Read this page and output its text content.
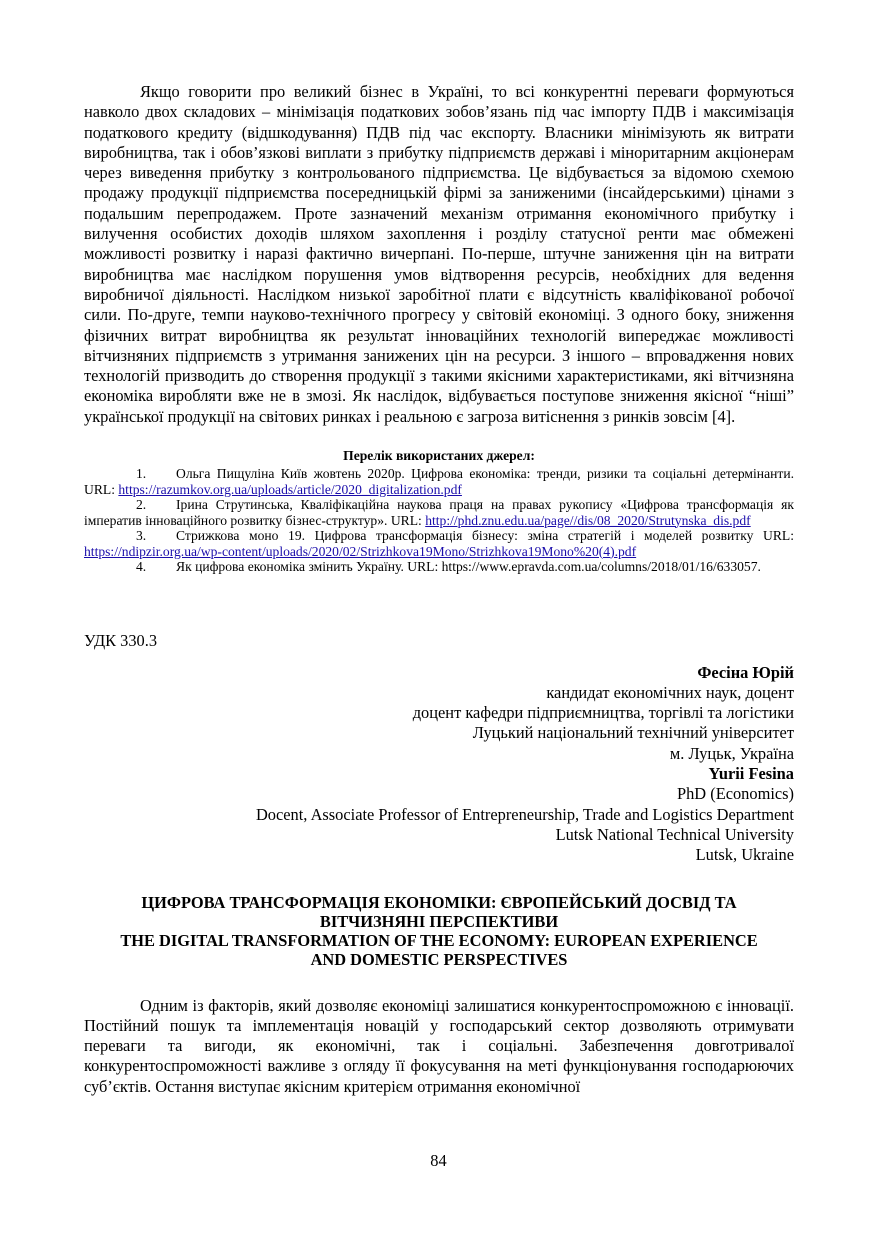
Якщо говорити про великий бізнес в Україні, то всі конкурентні переваги формуються навколо двох складових – мінімізація податкових зобов’язань під час імпорту ПДВ і максимізація податкового кредиту (відшкодування) ПДВ під час експорту. Власники мінімізують як витрати виробництва, так і обов’язкові виплати з прибутку підприємств державі і міноритарним акціонерам через виведення прибутку з контрольованого підприємства. Це відбувається за відомою схемою продажу продукції підприємства посередницькій фірмі за заниженими (інсайдерськими) цінами з подальшим перепродажем. Проте зазначений механізм отримання економічного прибутку і вилучення особистих доходів шляхом захоплення і розділу статусної ренти має обмежені можливості розвитку і наразі фактично вичерпані. По-перше, штучне заниження цін на витрати виробництва має наслідком порушення умов відтворення ресурсів, необхідних для ведення виробничої діяльності. Наслідком низької заробітної плати є відсутність кваліфікованої робочої сили. По-друге, темпи науково-технічного прогресу у світовій економіці. З одного боку, зниження фізичних витрат виробництва як результат інноваційних технологій випереджає можливості вітчизняних підприємств з утримання занижених цін на ресурси. З іншого – впровадження нових технологій призводить до створення продукції з такими якісними характеристиками, які вітчизняна економіка виробляти вже не в змозі. Як наслідок, відбувається поступове зниження якісної “ніші” української продукції на світових ринках і реальною є загроза витіснення з ринків зовсім [4].

Перелік використаних джерел:
1. Ольга Пищуліна Київ жовтень 2020р. Цифрова економіка: тренди, ризики та соціальні детермінанти. URL: https://razumkov.org.ua/uploads/article/2020_digitalization.pdf
2. Ірина Струтинська, Кваліфікаційна наукова праця на правах рукопису «Цифрова трансформація як імператив інноваційного розвитку бізнес-структур». URL: http://phd.znu.edu.ua/page//dis/08_2020/Strutynska_dis.pdf
3. Стрижкова моно 19. Цифрова трансформація бізнесу: зміна стратегій і моделей розвитку URL: https://ndipzir.org.ua/wp-content/uploads/2020/02/Strizhkova19Mono/Strizhkova19Mono%20(4).pdf
4. Як цифрова економіка змінить Україну. URL: https://www.epravda.com.ua/columns/2018/01/16/633057.
УДК 330.3
Фесіна Юрій
кандидат економічних наук, доцент
доцент кафедри підприємництва, торгівлі та логістики
Луцький національний технічний університет
м. Луцьк, Україна
Yurii Fesina
PhD (Economics)
Docent, Associate Professor of Entrepreneurship, Trade and Logistics Department
Lutsk National Technical University
Lutsk, Ukraine
ЦИФРОВА ТРАНСФОРМАЦІЯ ЕКОНОМІКИ: ЄВРОПЕЙСЬКИЙ ДОСВІД ТА
ВІТЧИЗНЯНІ ПЕРСПЕКТИВИ
THE DIGITAL TRANSFORMATION OF THE ECONOMY: EUROPEAN EXPERIENCE
AND DOMESTIC PERSPECTIVES

Одним із факторів, який дозволяє економіці залишатися конкурентоспроможною є інновації. Постійний пошук та імплементація новацій у господарський сектор дозволяють отримувати переваги та вигоди, як економічні, так і соціальні. Забезпечення довготривалої конкурентоспроможності важливе з огляду її фокусування на меті функціонування господарюючих суб’єктів. Остання виступає якісним критерієм отримання економічної

84
